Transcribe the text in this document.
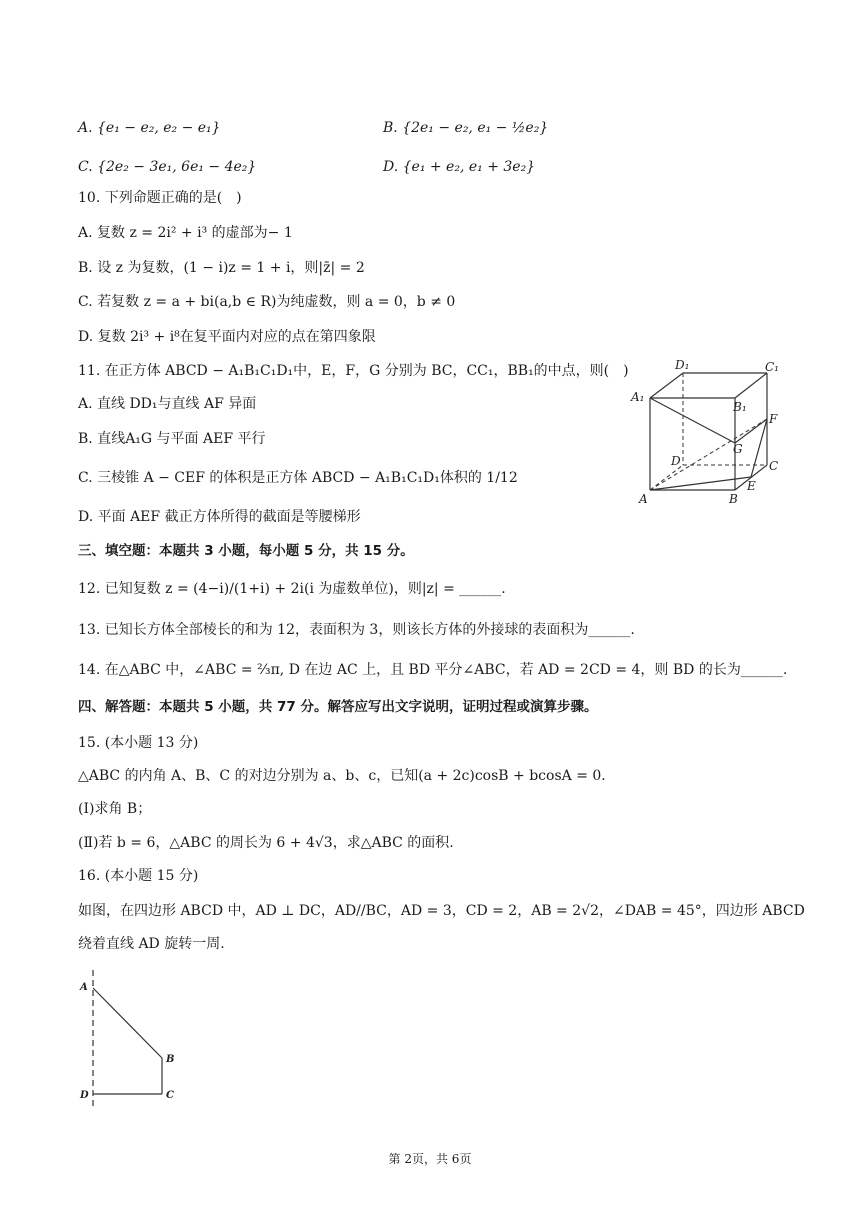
A. {e₁ − e₂, e₂ − e₁}	B. {2e₁ − e₂, e₁ − ½e₂}
C. {2e₂ − 3e₁, 6e₁ − 4e₂}	D. {e₁ + e₂, e₁ + 3e₂}
10. 下列命题正确的是(　)
A. 复数 z = 2i² + i³ 的虚部为− 1
B. 设 z 为复数，(1 − i)z = 1 + i，则|z̄| = 2
C. 若复数 z = a + bi(a,b ∈ R)为纯虚数，则 a = 0，b ≠ 0
D. 复数 2i³ + i⁸在复平面内对应的点在第四象限
11. 在正方体 ABCD − A₁B₁C₁D₁中，E，F，G 分别为 BC，CC₁，BB₁的中点，则(　)
A. 直线 DD₁与直线 AF 异面
B. 直线A₁G 与平面 AEF 平行
C. 三棱锥 A − CEF 的体积是正方体 ABCD − A₁B₁C₁D₁体积的 1/12
D. 平面 AEF 截正方体所得的截面是等腰梯形
D₁	C₁
A₁
B₁
F
G
D	C
E
A	B
三、填空题：本题共 3 小题，每小题 5 分，共 15 分。
12. 已知复数 z = (4−i)/(1+i) + 2i(i 为虚数单位)，则|z| = ______.
13. 已知长方体全部棱长的和为 12，表面积为 3，则该长方体的外接球的表面积为______.
14. 在△ABC 中，∠ABC = ⅔π, D 在边 AC 上，且 BD 平分∠ABC，若 AD = 2CD = 4，则 BD 的长为______.
四、解答题：本题共 5 小题，共 77 分。解答应写出文字说明，证明过程或演算步骤。
15. (本小题 13 分)
△ABC 的内角 A、B、C 的对边分别为 a、b、c，已知(a + 2c)cosB + bcosA = 0.
(Ⅰ)求角 B；
(Ⅱ)若 b = 6，△ABC 的周长为 6 + 4√3，求△ABC 的面积.
16. (本小题 15 分)
如图，在四边形 ABCD 中，AD ⊥ DC，AD//BC，AD = 3，CD = 2，AB = 2√2，∠DAB = 45°，四边形 ABCD
绕着直线 AD 旋转一周.
A
B
C
D
第 2页，共 6页
